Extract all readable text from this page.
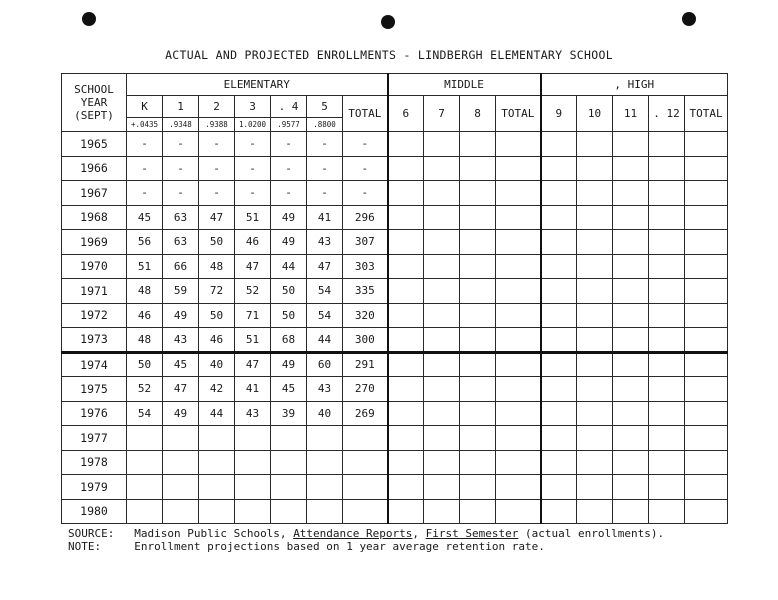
ACTUAL AND PROJECTED ENROLLMENTS - LINDBERGH ELEMENTARY SCHOOL
SCHOOL
YEAR
(SEPT)	ELEMENTARY							MIDDLE				, HIGH				
	K	1	2	3	. 4	5	TOTAL	6	7	8	TOTAL	9	10	11	. 12	TOTAL
	+.0435	.9348	.9388	1.0200	.9577	.8800										
1965	-	-	-	-	-	-	-									
1966	-	-	-	-	-	-	-									
1967	-	-	-	-	-	-	-									
1968	45	63	47	51	49	41	296									
1969	56	63	50	46	49	43	307									
1970	51	66	48	47	44	47	303									
1971	48	59	72	52	50	54	335									
1972	46	49	50	71	50	54	320									
1973	48	43	46	51	68	44	300									
1974	50	45	40	47	49	60	291									
1975	52	47	42	41	45	43	270									
1976	54	49	44	43	39	40	269									
1977																
1978																
1979																
1980																
SOURCE: Madison Public Schools, Attendance Reports, First Semester (actual enrollments).
NOTE:	Enrollment projections based on 1 year average retention rate.
